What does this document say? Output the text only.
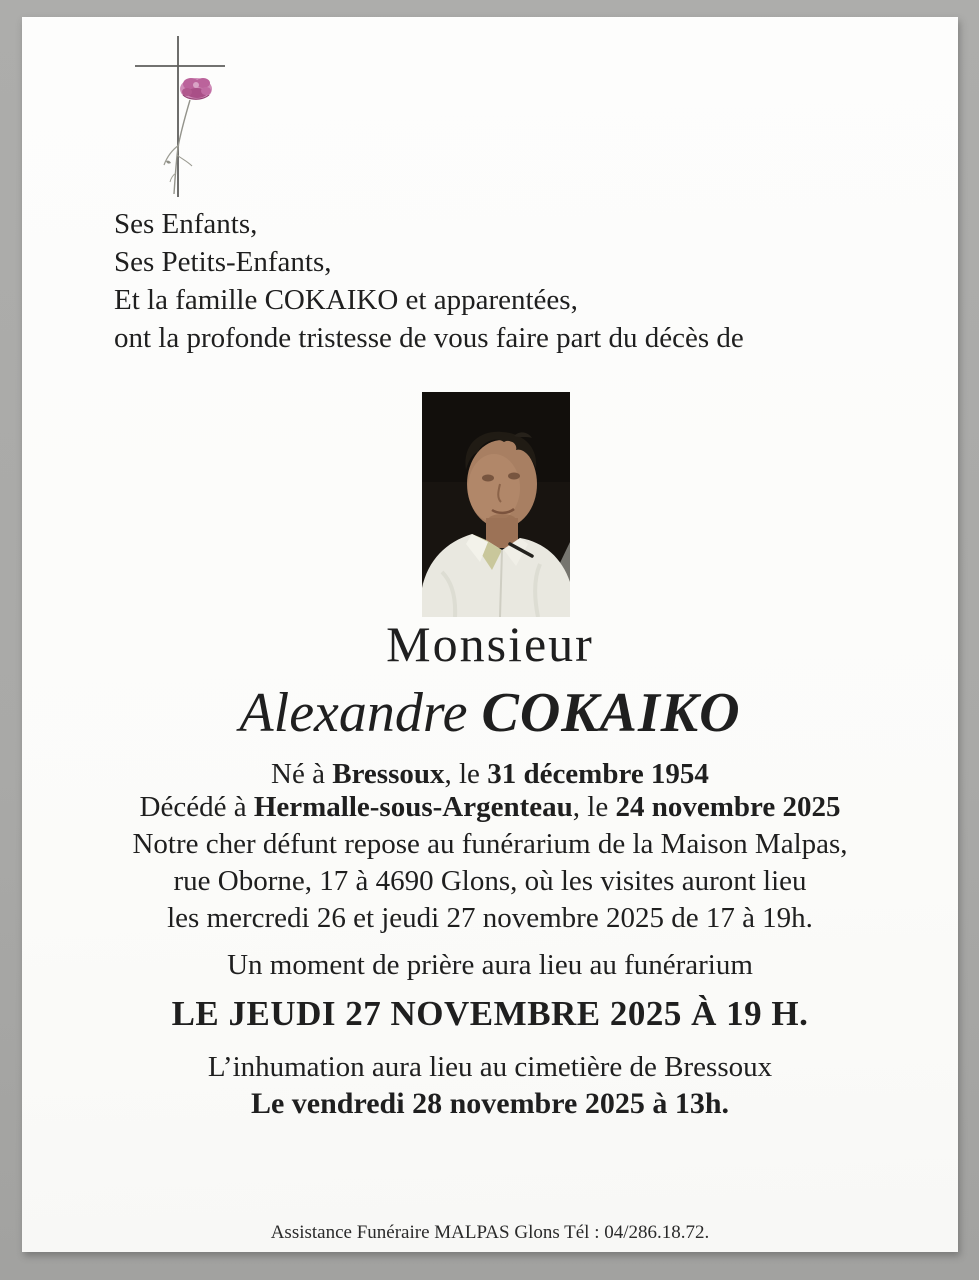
Ses Enfants,
Ses Petits-Enfants,
Et la famille COKAIKO et apparentées,
ont la profonde tristesse de vous faire part du décès de
Monsieur
Alexandre COKAIKO
Né à Bressoux, le 31 décembre 1954
Décédé à Hermalle-sous-Argenteau, le 24 novembre 2025
Notre cher défunt repose au funérarium de la Maison Malpas,
rue Oborne, 17 à 4690 Glons, où les visites auront lieu
les mercredi 26 et jeudi 27 novembre 2025 de 17 à 19h.
Un moment de prière aura lieu au funérarium
LE JEUDI 27 NOVEMBRE 2025 À 19 H.
L’inhumation aura lieu au cimetière de Bressoux
Le vendredi 28 novembre 2025 à 13h.
Assistance Funéraire MALPAS Glons Tél : 04/286.18.72.
